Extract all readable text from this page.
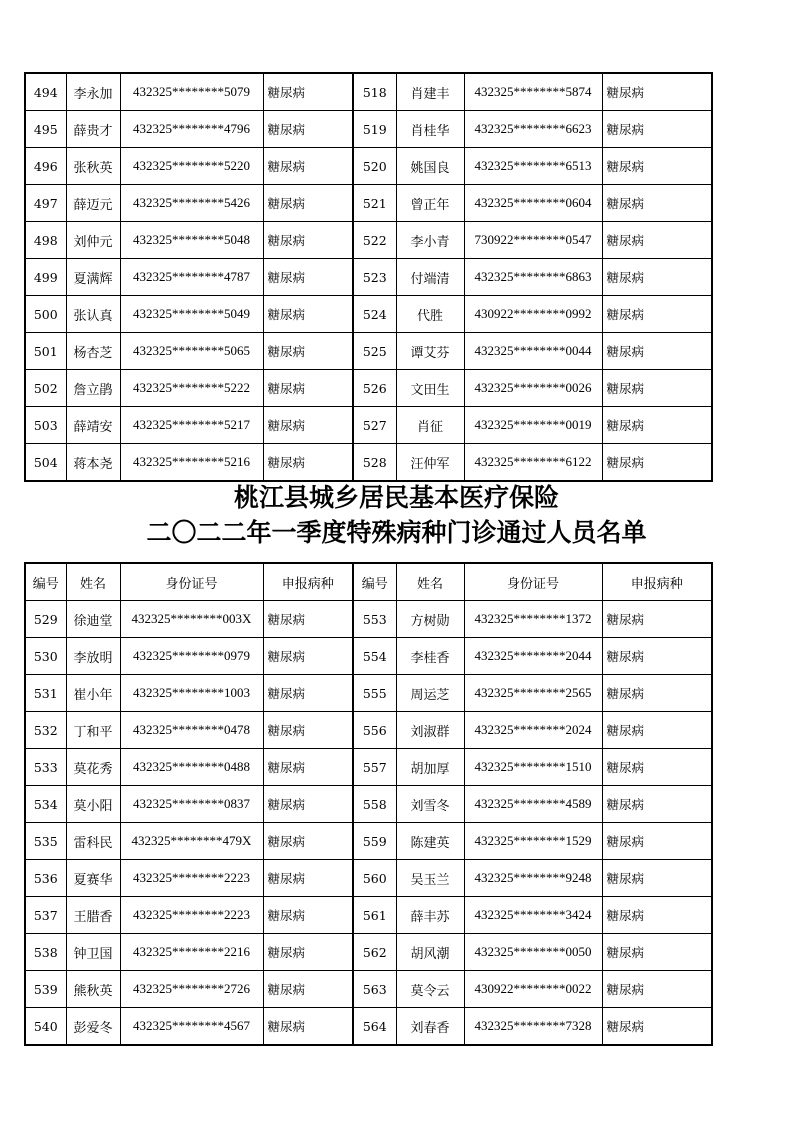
494	李永加	432325********5079	糖尿病	518	肖建丰	432325********5874	糖尿病
495	薛贵才	432325********4796	糖尿病	519	肖桂华	432325********6623	糖尿病
496	张秋英	432325********5220	糖尿病	520	姚国良	432325********6513	糖尿病
497	薛迈元	432325********5426	糖尿病	521	曾正年	432325********0604	糖尿病
498	刘仲元	432325********5048	糖尿病	522	李小青	730922********0547	糖尿病
499	夏满辉	432325********4787	糖尿病	523	付端清	432325********6863	糖尿病
500	张认真	432325********5049	糖尿病	524	代胜	430922********0992	糖尿病
501	杨杏芝	432325********5065	糖尿病	525	谭艾芬	432325********0044	糖尿病
502	詹立鹃	432325********5222	糖尿病	526	文田生	432325********0026	糖尿病
503	薛靖安	432325********5217	糖尿病	527	肖征	432325********0019	糖尿病
504	蒋本尧	432325********5216	糖尿病	528	汪仲军	432325********6122	糖尿病
桃江县城乡居民基本医疗保险
二〇二二年一季度特殊病种门诊通过人员名单
编号	姓名	身份证号	申报病种	编号	姓名	身份证号	申报病种
529	徐迪堂	432325********003X	糖尿病	553	方树勋	432325********1372	糖尿病
530	李放明	432325********0979	糖尿病	554	李桂香	432325********2044	糖尿病
531	崔小年	432325********1003	糖尿病	555	周运芝	432325********2565	糖尿病
532	丁和平	432325********0478	糖尿病	556	刘淑群	432325********2024	糖尿病
533	莫花秀	432325********0488	糖尿病	557	胡加厚	432325********1510	糖尿病
534	莫小阳	432325********0837	糖尿病	558	刘雪冬	432325********4589	糖尿病
535	雷科民	432325********479X	糖尿病	559	陈建英	432325********1529	糖尿病
536	夏赛华	432325********2223	糖尿病	560	吴玉兰	432325********9248	糖尿病
537	王腊香	432325********2223	糖尿病	561	薛丰苏	432325********3424	糖尿病
538	钟卫国	432325********2216	糖尿病	562	胡风潮	432325********0050	糖尿病
539	熊秋英	432325********2726	糖尿病	563	莫令云	430922********0022	糖尿病
540	彭爱冬	432325********4567	糖尿病	564	刘春香	432325********7328	糖尿病
